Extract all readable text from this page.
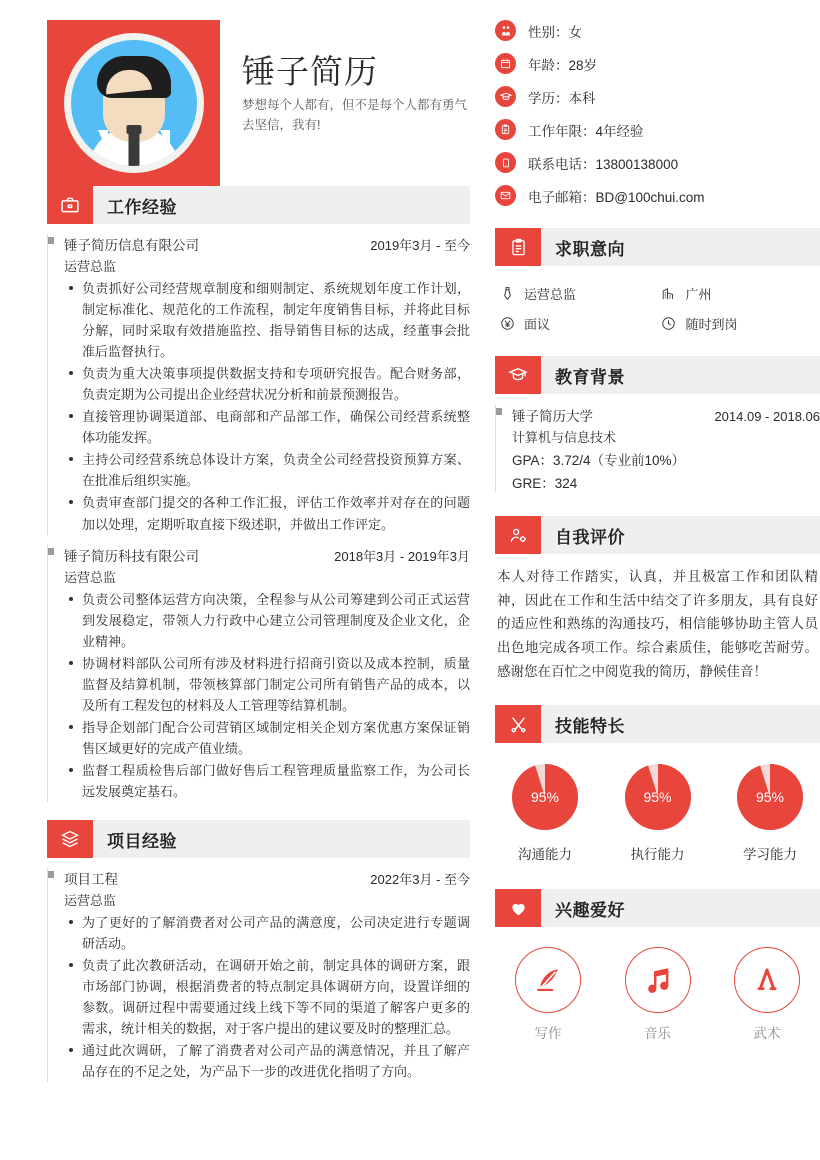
锤子简历
梦想每个人都有，但不是每个人都有勇气去坚信，我有!
工作经验
锤子简历信息有限公司	2019年3月 - 至今
运营总监
负责抓好公司经营规章制度和细则制定、系统规划年度工作计划，制定标准化、规范化的工作流程，制定年度销售目标，并将此目标分解，同时采取有效措施监控、指导销售目标的达成，经董事会批准后监督执行。
负责为重大决策事项提供数据支持和专项研究报告。配合财务部，负责定期为公司提出企业经营状况分析和前景预测报告。
直接管理协调渠道部、电商部和产品部工作，确保公司经营系统整体功能发挥。
主持公司经营系统总体设计方案，负责全公司经营投资预算方案、在批准后组织实施。
负责审查部门提交的各种工作汇报，评估工作效率并对存在的问题加以处理，定期听取直接下级述职，并做出工作评定。
锤子简历科技有限公司	2018年3月 - 2019年3月
运营总监
负责公司整体运营方向决策，全程参与从公司筹建到公司正式运营到发展稳定，带领人力行政中心建立公司管理制度及企业文化，企业精神。
协调材料部队公司所有涉及材料进行招商引资以及成本控制，质量监督及结算机制，带领核算部门制定公司所有销售产品的成本，以及所有工程发包的材料及人工管理等结算机制。
指导企划部门配合公司营销区域制定相关企划方案优惠方案保证销售区域更好的完成产值业绩。
监督工程质检售后部门做好售后工程管理质量监察工作，为公司长远发展奠定基石。
项目经验
项目工程	2022年3月 - 至今
运营总监
为了更好的了解消费者对公司产品的满意度，公司决定进行专题调研活动。
负责了此次教研活动，在调研开始之前，制定具体的调研方案，跟市场部门协调，根据消费者的特点制定具体调研方向，设置详细的参数。调研过程中需要通过线上线下等不同的渠道了解客户更多的需求，统计相关的数据，对于客户提出的建议要及时的整理汇总。
通过此次调研，了解了消费者对公司产品的满意情况，并且了解产品存在的不足之处，为产品下一步的改进优化指明了方向。
性别：女
年龄：28岁
学历：本科
工作年限：4年经验
联系电话：13800138000
电子邮箱：BD@100chui.com
求职意向
运营总监	广州
面议	随时到岗
教育背景
锤子简历大学	2014.09 - 2018.06
计算机与信息技术
GPA：3.72/4（专业前10%）
GRE：324
自我评价
本人对待工作踏实，认真，并且极富工作和团队精神，因此在工作和生活中结交了许多朋友，具有良好的适应性和熟练的沟通技巧，相信能够协助主管人员出色地完成各项工作。综合素质佳，能够吃苦耐劳。感谢您在百忙之中阅览我的简历，静候佳音！
技能特长
95%
沟通能力
95%
执行能力
95%
学习能力
兴趣爱好
写作	音乐	武术
